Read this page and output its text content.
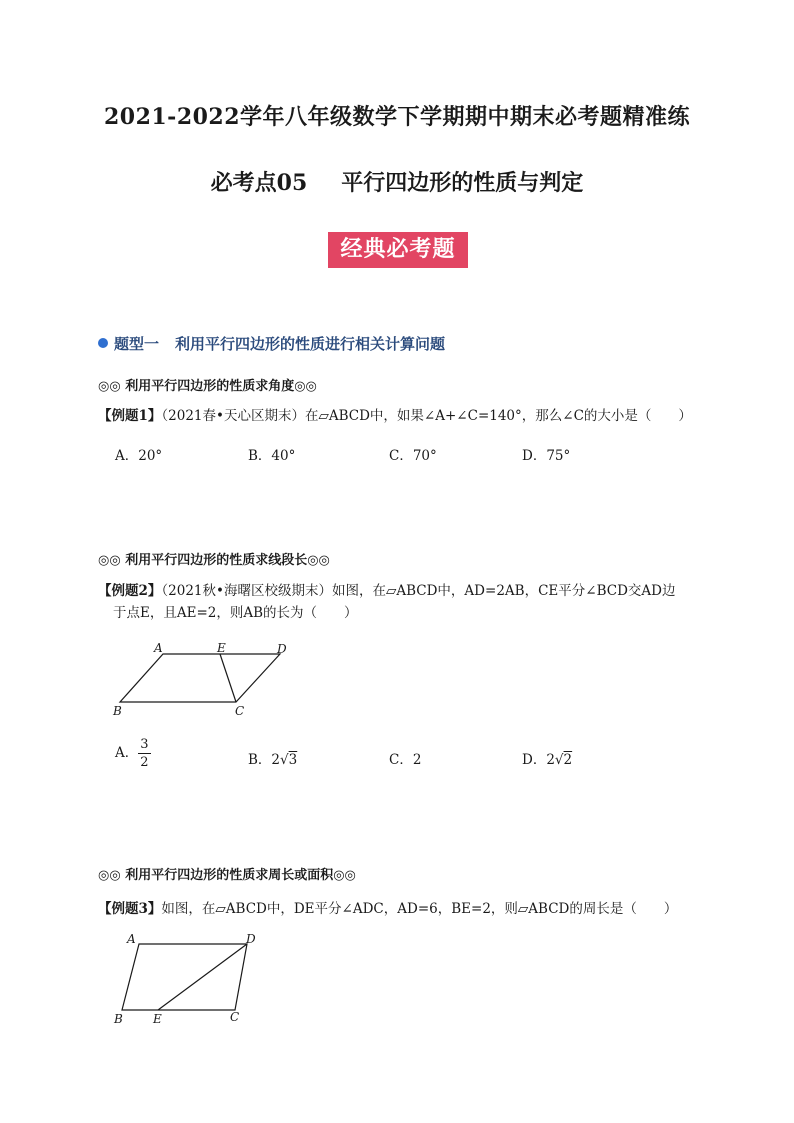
2021-2022学年八年级数学下学期期中期末必考题精准练
必考点05 平行四边形的性质与判定
经典必考题
题型一 利用平行四边形的性质进行相关计算问题
◎◎ 利用平行四边形的性质求角度◎◎
【例题1】（2021春•天心区期末）在▱ABCD中，如果∠A+∠C=140°，那么∠C的大小是（　　）
A．20°	B．40°	C．70°	D．75°
◎◎ 利用平行四边形的性质求线段长◎◎
【例题2】（2021秋•海曙区校级期末）如图，在▱ABCD中，AD=2AB，CE平分∠BCD交AD边
于点E，且AE=2，则AB的长为（　　）
A	E	D
B	C
A． $\frac{3}{2}$	B．2√3	C．2	D．2√2
◎◎ 利用平行四边形的性质求周长或面积◎◎
【例题3】如图，在▱ABCD中，DE平分∠ADC，AD=6，BE=2，则▱ABCD的周长是（　　）
A	D
B	E	C
